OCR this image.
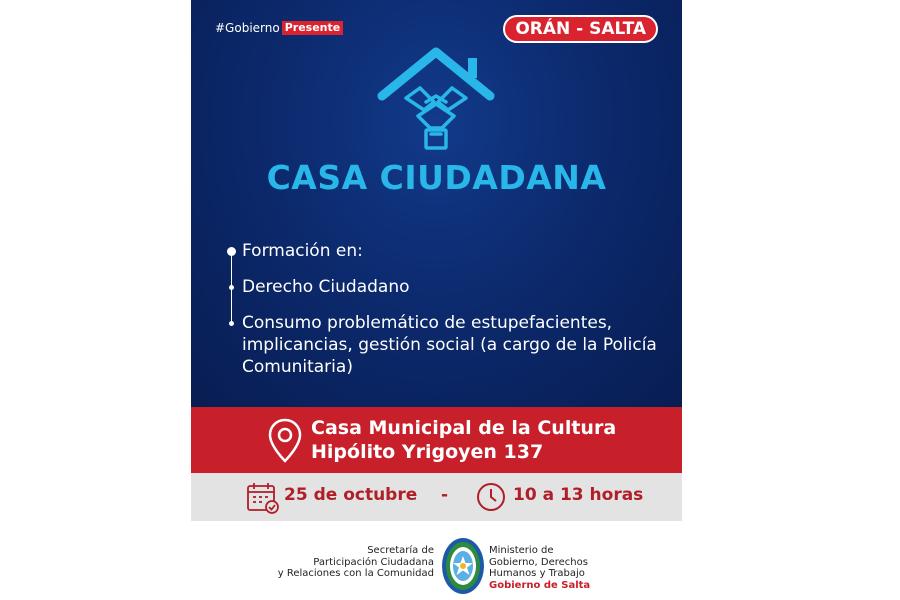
#Gobierno Presente	ORÁN - SALTA
CASA CIUDADANA
Formación en:
Derecho Ciudadano
Consumo problemático de estupefacientes, implicancias, gestión social (a cargo de la Policía Comunitaria)
Casa Municipal de la Cultura
Hipólito Yrigoyen 137
25 de octubre -	10 a 13 horas
Secretaría de
Participación Ciudadana
y Relaciones con la Comunidad
Ministerio de
Gobierno, Derechos
Humanos y Trabajo
Gobierno de Salta
